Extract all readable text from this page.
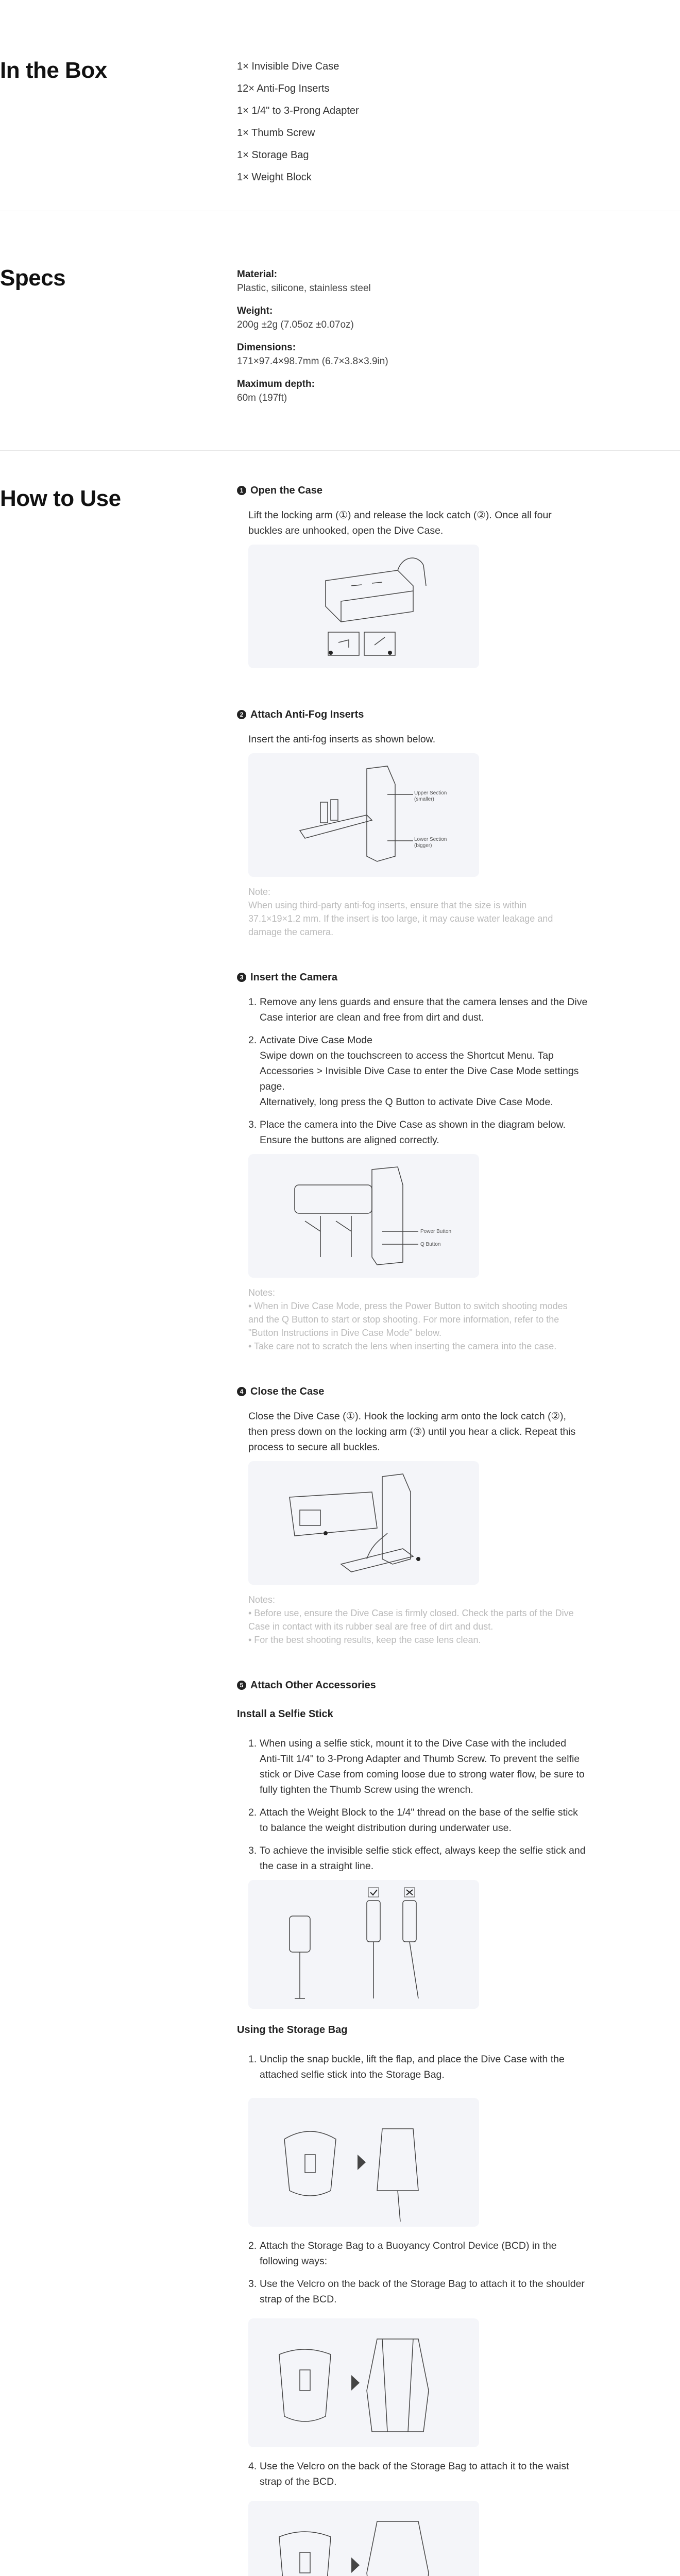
In the Box	1× Invisible Dive Case
12× Anti-Fog Inserts
1× 1/4" to 3-Prong Adapter
1× Thumb Screw
1× Storage Bag
1× Weight Block
Specs	Material:
Plastic, silicone, stainless steel
Weight:
200g ±2g (7.05oz ±0.07oz)
Dimensions:
171×97.4×98.7mm (6.7×3.8×3.9in)
Maximum depth:
60m (197ft)
How to Use	1 Open the Case
Lift the locking arm (①) and release the lock catch (②). Once all four buckles are unhooked, open the Dive Case.
2 Attach Anti-Fog Inserts
Insert the anti-fog inserts as shown below.
Upper Section
(smaller)
Lower Section
(bigger)
Note:
When using third-party anti-fog inserts, ensure that the size is within 37.1×19×1.2 mm. If the insert is too large, it may cause water leakage and damage the camera.
3 Insert the Camera
1. Remove any lens guards and ensure that the camera lenses and the Dive Case interior are clean and free from dirt and dust.
2. Activate Dive Case Mode
Swipe down on the touchscreen to access the Shortcut Menu. Tap Accessories > Invisible Dive Case to enter the Dive Case Mode settings page.
Alternatively, long press the Q Button to activate Dive Case Mode.
3. Place the camera into the Dive Case as shown in the diagram below. Ensure the buttons are aligned correctly.
Power Button
Q Button
Notes:
• When in Dive Case Mode, press the Power Button to switch shooting modes and the Q Button to start or stop shooting. For more information, refer to the "Button Instructions in Dive Case Mode" below.
• Take care not to scratch the lens when inserting the camera into the case.
4 Close the Case
Close the Dive Case (①). Hook the locking arm onto the lock catch (②), then press down on the locking arm (③) until you hear a click. Repeat this process to secure all buckles.
Notes:
• Before use, ensure the Dive Case is firmly closed. Check the parts of the Dive Case in contact with its rubber seal are free of dirt and dust.
• For the best shooting results, keep the case lens clean.
5 Attach Other Accessories
Install a Selfie Stick
1. When using a selfie stick, mount it to the Dive Case with the included Anti-Tilt 1/4" to 3-Prong Adapter and Thumb Screw. To prevent the selfie stick or Dive Case from coming loose due to strong water flow, be sure to fully tighten the Thumb Screw using the wrench.
2. Attach the Weight Block to the 1/4" thread on the base of the selfie stick to balance the weight distribution during underwater use.
3. To achieve the invisible selfie stick effect, always keep the selfie stick and the case in a straight line.
Using the Storage Bag
1. Unclip the snap buckle, lift the flap, and place the Dive Case with the attached selfie stick into the Storage Bag.
2. Attach the Storage Bag to a Buoyancy Control Device (BCD) in the following ways:
3. Use the Velcro on the back of the Storage Bag to attach it to the shoulder strap of the BCD.
4. Use the Velcro on the back of the Storage Bag to attach it to the waist strap of the BCD.
